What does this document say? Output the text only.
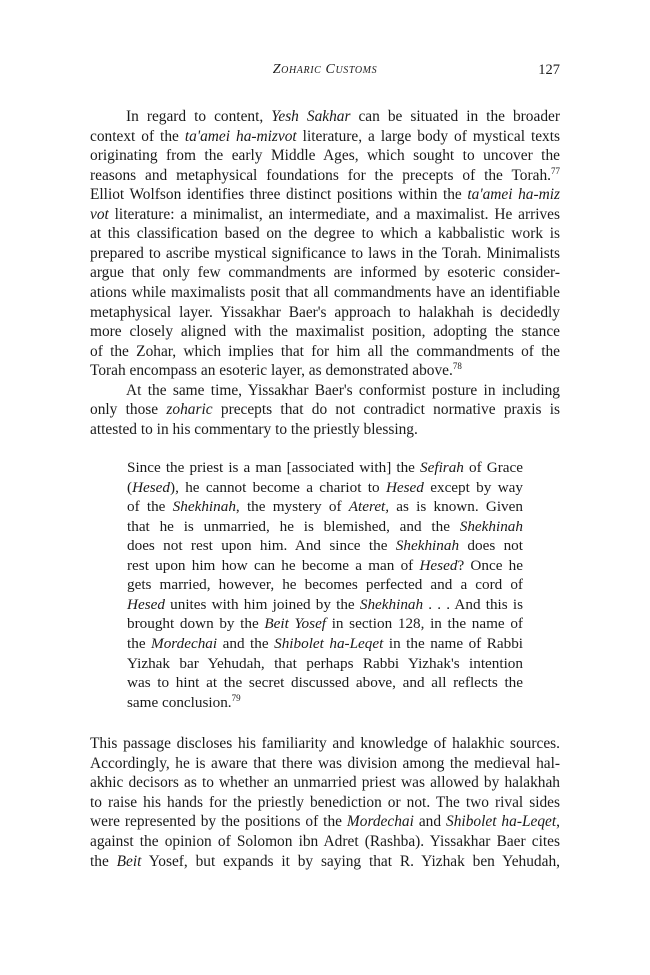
Zoharic Customs	127
In regard to content, Yesh Sakhar can be situated in the broader
context of the ta'amei ha-mizvot literature, a large body of mystical texts
originating from the early Middle Ages, which sought to uncover the
reasons and metaphysical foundations for the precepts of the Torah.$^{77}$
Elliot Wolfson identifies three distinct positions within the ta'amei ha-miz
vot literature: a minimalist, an intermediate, and a maximalist. He arrives
at this classification based on the degree to which a kabbalistic work is
prepared to ascribe mystical significance to laws in the Torah. Minimalists
argue that only few commandments are informed by esoteric consider-
ations while maximalists posit that all commandments have an identifiable
metaphysical layer. Yissakhar Baer's approach to halakhah is decidedly
more closely aligned with the maximalist position, adopting the stance
of the Zohar, which implies that for him all the commandments of the
Torah encompass an esoteric layer, as demonstrated above.$^{78}$
At the same time, Yissakhar Baer's conformist posture in including
only those zoharic precepts that do not contradict normative praxis is
attested to in his commentary to the priestly blessing.
Since the priest is a man [associated with] the Sefirah of Grace
(Hesed), he cannot become a chariot to Hesed except by way
of the Shekhinah, the mystery of Ateret, as is known. Given
that he is unmarried, he is blemished, and the Shekhinah
does not rest upon him. And since the Shekhinah does not
rest upon him how can he become a man of Hesed? Once he
gets married, however, he becomes perfected and a cord of
Hesed unites with him joined by the Shekhinah . . . And this is
brought down by the Beit Yosef in section 128, in the name of
the Mordechai and the Shibolet ha-Leqet in the name of Rabbi
Yizhak bar Yehudah, that perhaps Rabbi Yizhak's intention
was to hint at the secret discussed above, and all reflects the
same conclusion.$^{79}$
This passage discloses his familiarity and knowledge of halakhic sources.
Accordingly, he is aware that there was division among the medieval hal-
akhic decisors as to whether an unmarried priest was allowed by halakhah
to raise his hands for the priestly benediction or not. The two rival sides
were represented by the positions of the Mordechai and Shibolet ha-Leqet,
against the opinion of Solomon ibn Adret (Rashba). Yissakhar Baer cites
the Beit Yosef, but expands it by saying that R. Yizhak ben Yehudah,
